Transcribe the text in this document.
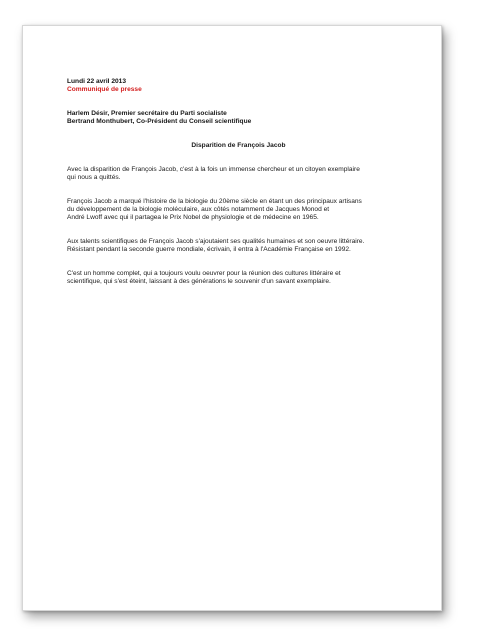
Lundi 22 avril 2013
Communiqué de presse
Harlem Désir, Premier secrétaire du Parti socialiste
Bertrand Monthubert, Co-Président du Conseil scientifique
Disparition de François Jacob
Avec la disparition de François Jacob, c'est à la fois un immense chercheur et un citoyen exemplaire
qui nous a quittés.
François Jacob a marqué l'histoire de la biologie du 20ème siècle en étant un des principaux artisans
du développement de la biologie moléculaire, aux côtés notamment de Jacques Monod et
André Lwoff avec qui il partagea le Prix Nobel de physiologie et de médecine en 1965.
Aux talents scientifiques de François Jacob s'ajoutaient ses qualités humaines et son oeuvre littéraire.
Résistant pendant la seconde guerre mondiale, écrivain, il entra à l'Académie Française en 1992.
C'est un homme complet, qui a toujours voulu oeuvrer pour la réunion des cultures littéraire et
scientifique, qui s'est éteint, laissant à des générations le souvenir d'un savant exemplaire.
